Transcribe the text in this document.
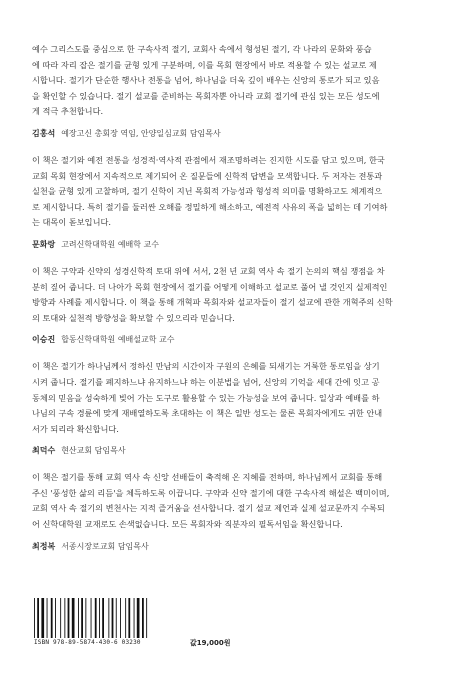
예수 그리스도를 중심으로 한 구속사적 절기, 교회사 속에서 형성된 절기, 각 나라의 문화와 풍습
에 따라 자리 잡은 절기를 균형 있게 구분하며, 이를 목회 현장에서 바로 적용할 수 있는 설교로 제
시합니다. 절기가 단순한 행사나 전통을 넘어, 하나님을 더욱 깊이 배우는 신앙의 통로가 되고 있음
을 확인할 수 있습니다. 절기 설교를 준비하는 목회자뿐 아니라 교회 절기에 관심 있는 모든 성도에
게 적극 추천합니다.
김홍석 예장고신 총회장 역임, 안양일심교회 담임목사
이 책은 절기와 예전 전통을 성경적·역사적 관점에서 재조명하려는 진지한 시도를 담고 있으며, 한국
교회 목회 현장에서 지속적으로 제기되어 온 질문들에 신학적 답변을 모색합니다. 두 저자는 전통과
실천을 균형 있게 고찰하며, 절기 신학이 지닌 목회적 가능성과 형성적 의미를 명확하고도 체계적으
로 제시합니다. 특히 절기를 둘러싼 오해를 정밀하게 해소하고, 예전적 사유의 폭을 넓히는 데 기여하
는 대목이 돋보입니다.
문화랑 고려신학대학원 예배학 교수
이 책은 구약과 신약의 성경신학적 토대 위에 서서, 2천 년 교회 역사 속 절기 논의의 핵심 쟁점을 차
분히 짚어 줍니다. 더 나아가 목회 현장에서 절기를 어떻게 이해하고 설교로 풀어 낼 것인지 실제적인
방향과 사례를 제시합니다. 이 책을 통해 개혁파 목회자와 설교자들이 절기 설교에 관한 개혁주의 신학
의 토대와 실천적 방향성을 확보할 수 있으리라 믿습니다.
이승진 합동신학대학원 예배설교학 교수
이 책은 절기가 하나님께서 정하신 만남의 시간이자 구원의 은혜를 되새기는 거룩한 통로임을 상기
시켜 줍니다. 절기를 폐지하느냐 유지하느냐 하는 이분법을 넘어, 신앙의 기억을 세대 간에 잇고 공
동체의 믿음을 성숙하게 빚어 가는 도구로 활용할 수 있는 가능성을 보여 줍니다. 일상과 예배를 하
나님의 구속 경륜에 맞게 재배열하도록 초대하는 이 책은 일반 성도는 물론 목회자에게도 귀한 안내
서가 되리라 확신합니다.
최덕수 현산교회 담임목사
이 책은 절기를 통해 교회 역사 속 신앙 선배들이 축적해 온 지혜를 전하며, 하나님께서 교회를 통해
주신 '풍성한 삶의 리듬'을 체득하도록 이끕니다. 구약과 신약 절기에 대한 구속사적 해설은 백미이며,
교회 역사 속 절기의 변천사는 지적 즐거움을 선사합니다. 절기 설교 제언과 실제 설교문까지 수록되
어 신학대학원 교재로도 손색없습니다. 모든 목회자와 직분자의 필독서임을 확신합니다.
최정복 서종시장로교회 담임목사
ISBN 978-89-5874-430-6 03230	값19,000원
